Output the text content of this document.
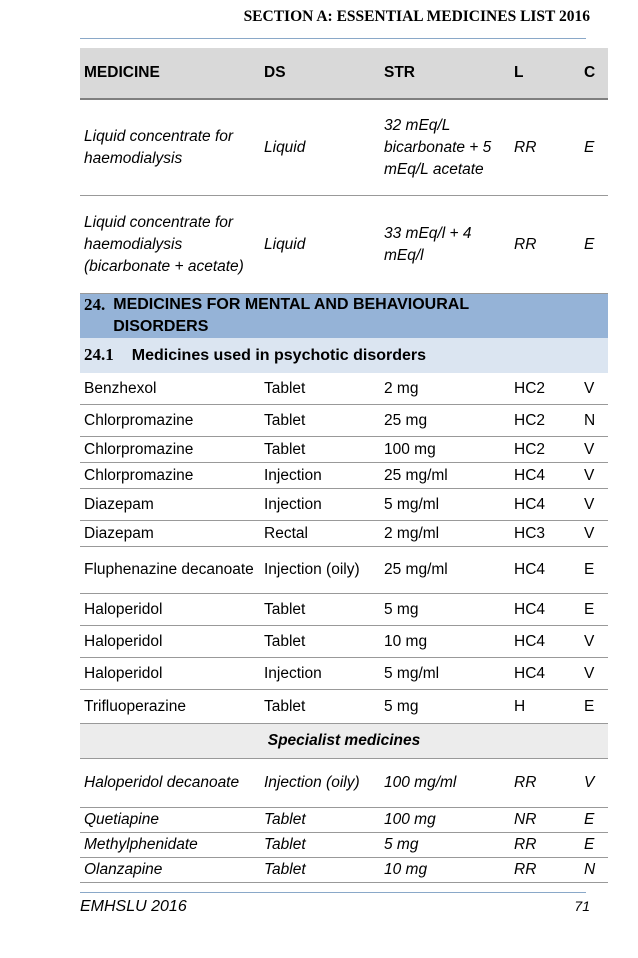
SECTION A: ESSENTIAL MEDICINES LIST 2016
MEDICINE	DS	STR	L	C
Liquid concentrate for haemodialysis	Liquid	32 mEq/L bicarbonate + 5 mEq/L acetate	RR	E
Liquid concentrate for haemodialysis (bicarbonate + acetate)	Liquid	33 mEq/l + 4 mEq/l	RR	E
24. MEDICINES FOR MENTAL AND BEHAVIOURAL DISORDERS				
24.1 Medicines used in psychotic disorders				
Benzhexol	Tablet	2 mg	HC2	V
Chlorpromazine	Tablet	25 mg	HC2	N
Chlorpromazine	Tablet	100 mg	HC2	V
Chlorpromazine	Injection	25 mg/ml	HC4	V
Diazepam	Injection	5 mg/ml	HC4	V
Diazepam	Rectal	2 mg/ml	HC3	V
Fluphenazine decanoate	Injection (oily)	25 mg/ml	HC4	E
Haloperidol	Tablet	5 mg	HC4	E
Haloperidol	Tablet	10 mg	HC4	V
Haloperidol	Injection	5 mg/ml	HC4	V
Trifluoperazine	Tablet	5 mg	H	E
Specialist medicines				
Haloperidol decanoate	Injection (oily)	100 mg/ml	RR	V
Quetiapine	Tablet	100 mg	NR	E
Methylphenidate	Tablet	5 mg	RR	E
Olanzapine	Tablet	10 mg	RR	N
EMHSLU 2016	71
